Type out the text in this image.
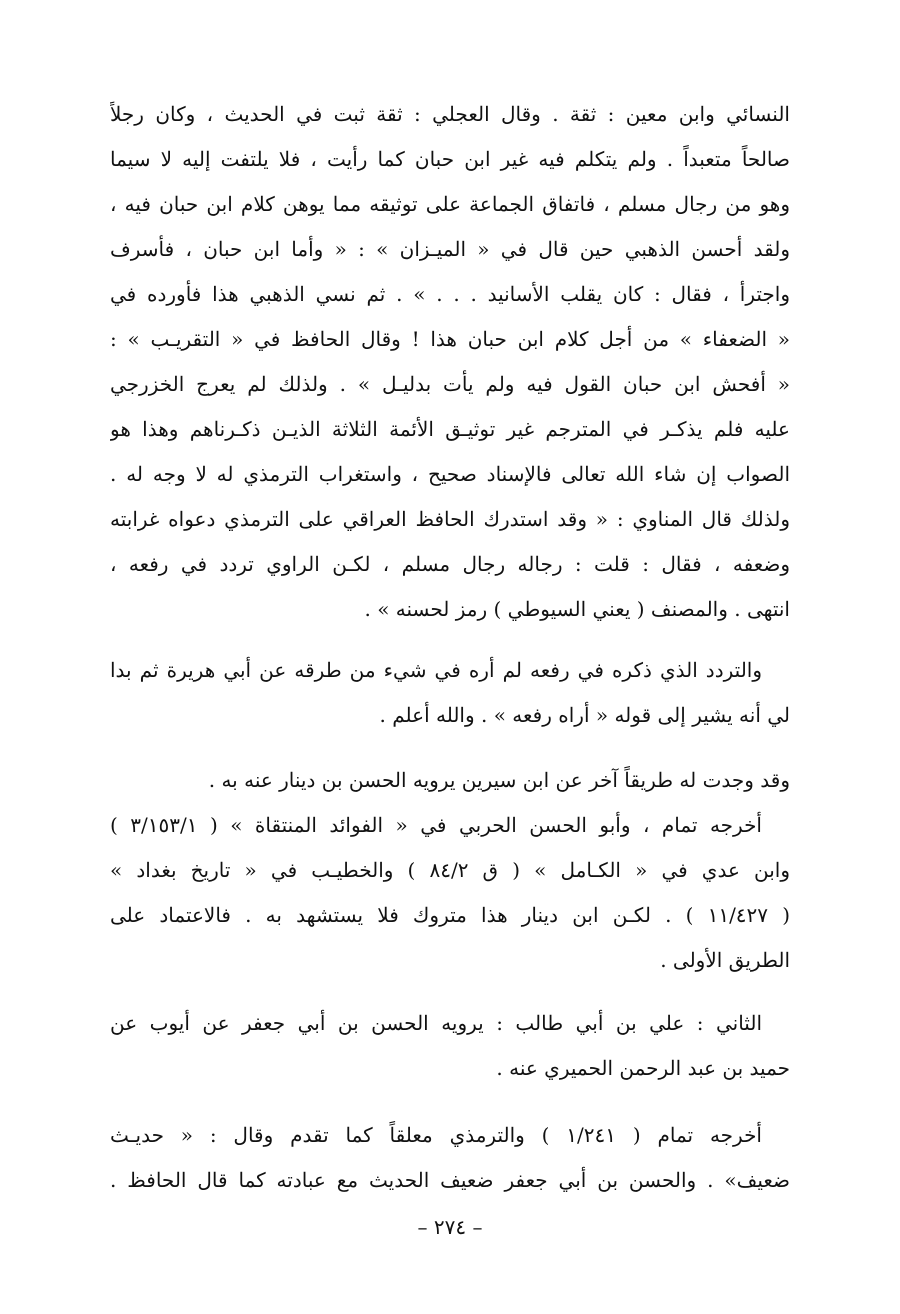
النسائي وابن معين : ثقة . وقال العجلي : ثقة ثبت في الحديث ، وكان رجلاً
صالحاً متعبداً . ولم يتكلم فيه غير ابن حبان كما رأيت ، فلا يلتفت إليه لا سيما
وهو من رجال مسلم ، فاتفاق الجماعة على توثيقه مما يوهن كلام ابن حبان فيه ،
ولقد أحسن الذهبي حين قال في « الميـزان » : « وأما ابن حبان ، فأسرف
واجترأ ، فقال : كان يقلب الأسانيد . . . » . ثم نسي الذهبي هذا فأورده في
« الضعفاء » من أجل كلام ابن حبان هذا ! وقال الحافظ في « التقريـب » :
« أفحش ابن حبان القول فيه ولم يأت بدليـل » . ولذلك لم يعرج الخزرجي
عليه فلم يذكـر في المترجم غير توثيـق الأئمة الثلاثة الذيـن ذكـرناهم وهذا هو
الصواب إن شاء الله تعالى فالإسناد صحيح ، واستغراب الترمذي له لا وجه له .
ولذلك قال المناوي : « وقد استدرك الحافظ العراقي على الترمذي دعواه غرابته
وضعفه ، فقال : قلت : رجاله رجال مسلم ، لكـن الراوي تردد في رفعه ،
انتهى . والمصنف ( يعني السيوطي ) رمز لحسنه » .
والتردد الذي ذكره في رفعه لم أره في شيء من طرقه عن أبي هريرة ثم بدا
لي أنه يشير إلى قوله « أراه رفعه » . والله أعلم .
وقد وجدت له طريقاً آخر عن ابن سيرين يرويه الحسن بن دينار عنه به .
أخرجه تمام ، وأبو الحسن الحربي في « الفوائد المنتقاة » ( ٣/١٥٣/١ )
وابن عدي في « الكـامل » ( ق ٨٤/٢ ) والخطيـب في « تاريخ بغداد »
( ١١/٤٢٧ ) . لكـن ابن دينار هذا متروك فلا يستشهد به . فالاعتماد على
الطريق الأولى .
الثاني : علي بن أبي طالب : يرويه الحسن بن أبي جعفر عن أيوب عن
حميد بن عبد الرحمن الحميري عنه .
أخرجه تمام ( ١/٢٤١ ) والترمذي معلقاً كما تقدم وقال : « حديـث
ضعيف» . والحسن بن أبي جعفر ضعيف الحديث مع عبادته كما قال الحافظ .
– ٢٧٤ –
